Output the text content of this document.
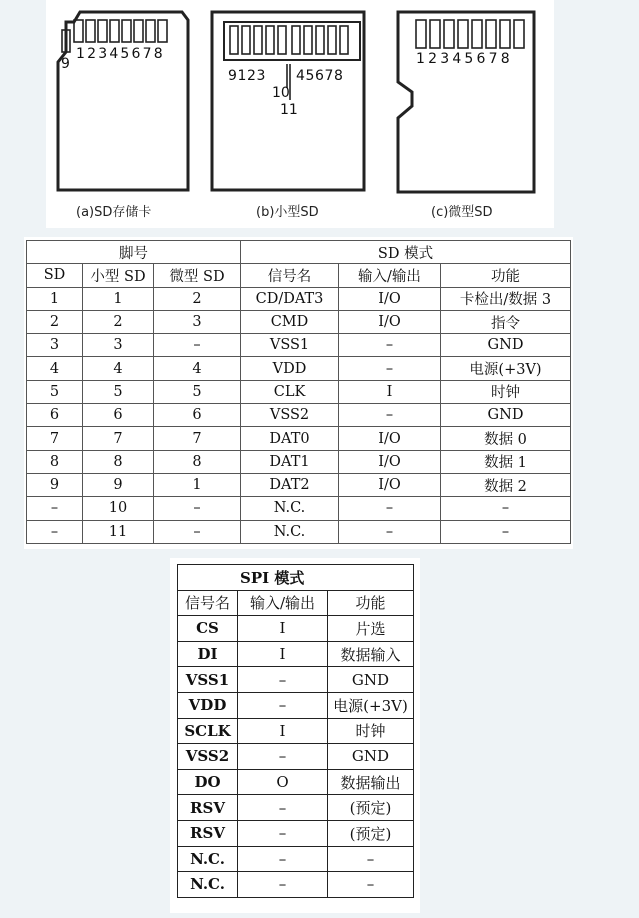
12345678
9
9123 45678
10
11
12345678
(a)SD存储卡	(b)小型SD	(c)微型SD
脚号			SD 模式		
SD	小型 SD	微型 SD	信号名	输入/输出	功能
1	1	2	CD/DAT3	I/O	卡检出/数据 3
2	2	3	CMD	I/O	指令
3	3	–	VSS1	–	GND
4	4	4	VDD	–	电源(+3V)
5	5	5	CLK	I	时钟
6	6	6	VSS2	–	GND
7	7	7	DAT0	I/O	数据 0
8	8	8	DAT1	I/O	数据 1
9	9	1	DAT2	I/O	数据 2
–	10	–	N.C.	–	–
–	11	–	N.C.	–	–
SPI 模式		
信号名	输入/输出	功能
CS	I	片选
DI	I	数据输入
VSS1	–	GND
VDD	–	电源(+3V)
SCLK	I	时钟
VSS2	–	GND
DO	O	数据输出
RSV	–	(预定)
RSV	–	(预定)
N.C.	–	–
N.C.	–	–
